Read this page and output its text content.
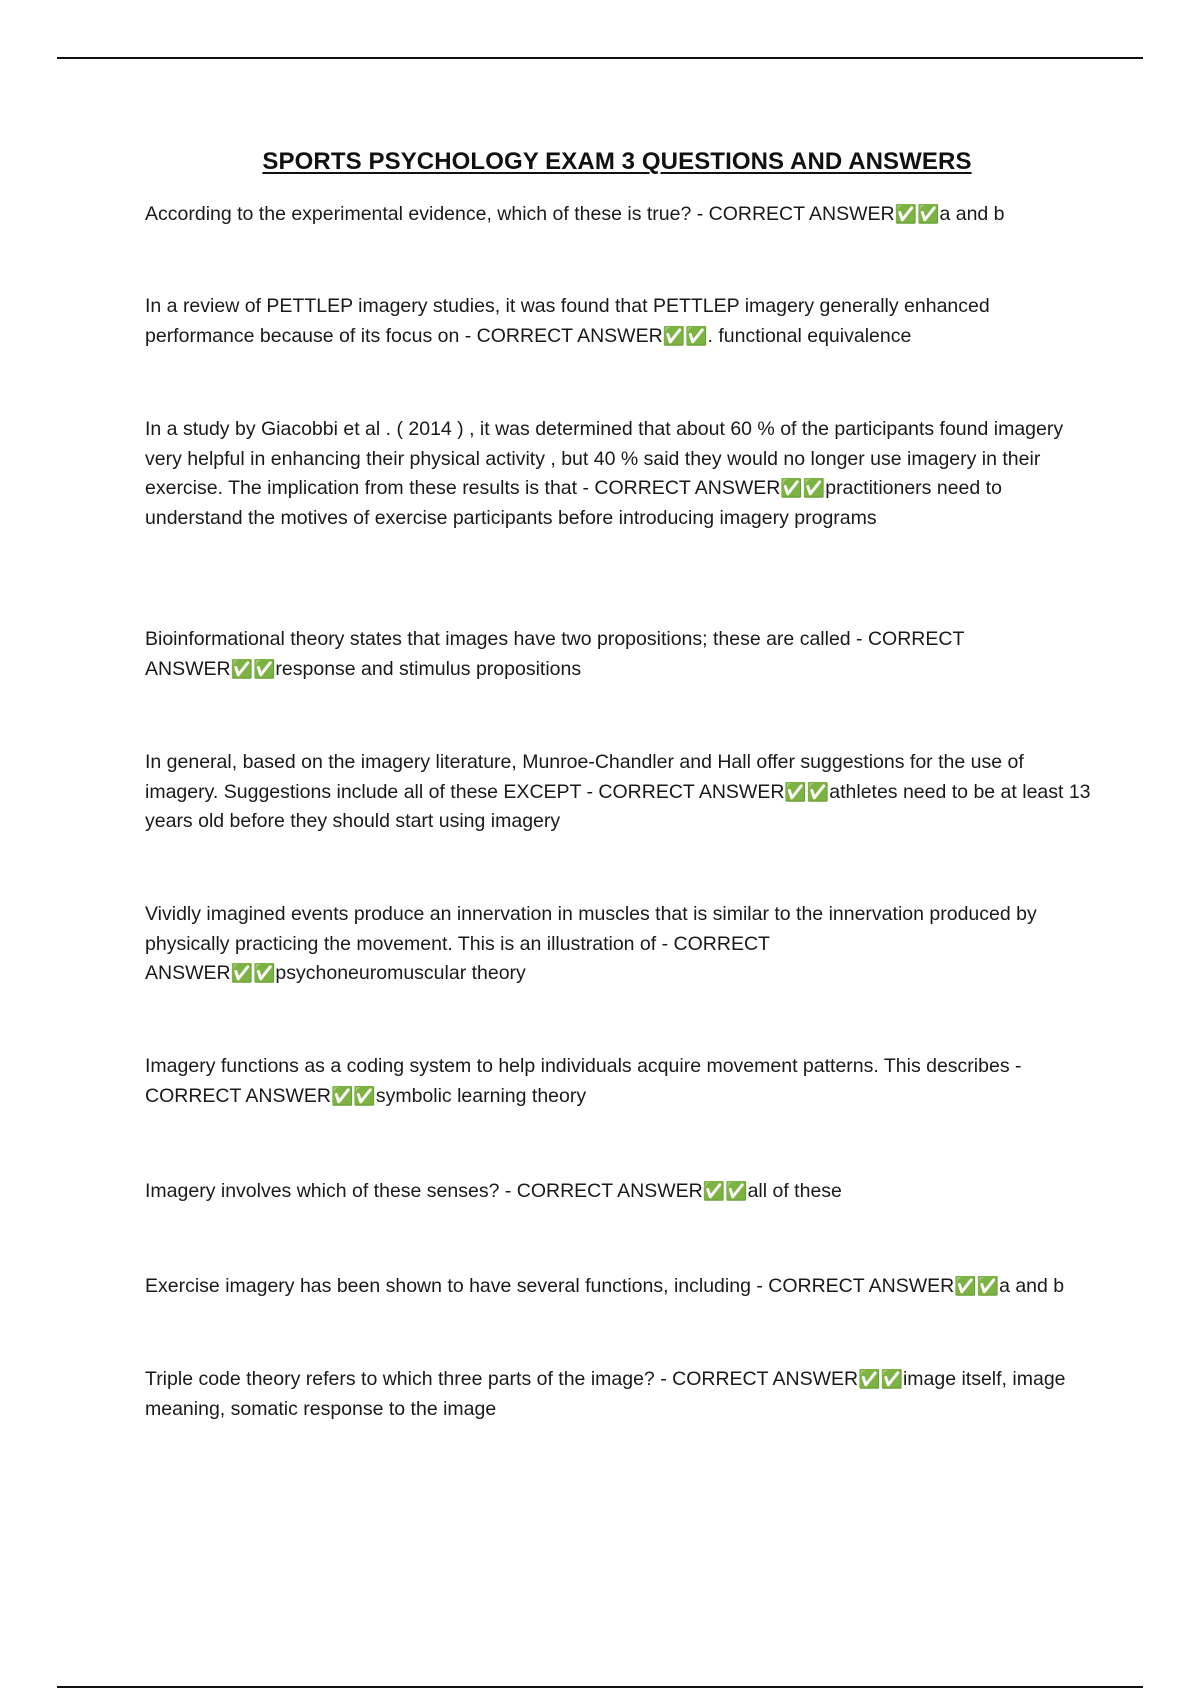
SPORTS PSYCHOLOGY EXAM 3 QUESTIONS AND ANSWERS
According to the experimental evidence, which of these is true? - CORRECT ANSWER✅✅a and b
In a review of PETTLEP imagery studies, it was found that PETTLEP imagery generally enhanced performance because of its focus on - CORRECT ANSWER✅✅. functional equivalence
In a study by Giacobbi et al . ( 2014 ) , it was determined that about 60 % of the participants found imagery very helpful in enhancing their physical activity , but 40 % said they would no longer use imagery in their exercise. The implication from these results is that - CORRECT ANSWER✅✅practitioners need to understand the motives of exercise participants before introducing imagery programs
Bioinformational theory states that images have two propositions; these are called - CORRECT ANSWER✅✅response and stimulus propositions
In general, based on the imagery literature, Munroe-Chandler and Hall offer suggestions for the use of imagery. Suggestions include all of these EXCEPT - CORRECT ANSWER✅✅athletes need to be at least 13 years old before they should start using imagery
Vividly imagined events produce an innervation in muscles that is similar to the innervation produced by physically practicing the movement. This is an illustration of - CORRECT ANSWER✅✅psychoneuromuscular theory
Imagery functions as a coding system to help individuals acquire movement patterns. This describes - CORRECT ANSWER✅✅symbolic learning theory
Imagery involves which of these senses? - CORRECT ANSWER✅✅all of these
Exercise imagery has been shown to have several functions, including - CORRECT ANSWER✅✅a and b
Triple code theory refers to which three parts of the image? - CORRECT ANSWER✅✅image itself, image meaning, somatic response to the image
